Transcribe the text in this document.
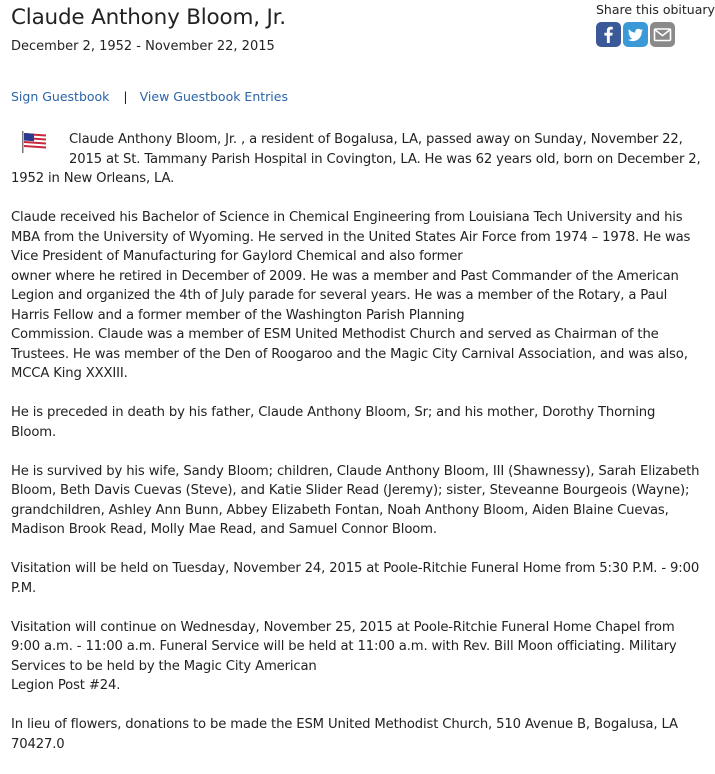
Claude Anthony Bloom, Jr.
December 2, 1952 - November 22, 2015
Share this obituary
Sign Guestbook | View Guestbook Entries
Claude Anthony Bloom, Jr. , a resident of Bogalusa, LA, passed away on Sunday, November 22, 2015 at St. Tammany Parish Hospital in Covington, LA. He was 62 years old, born on December 2, 1952 in New Orleans, LA.
Claude received his Bachelor of Science in Chemical Engineering from Louisiana Tech University and his MBA from the University of Wyoming. He served in the United States Air Force from 1974 – 1978. He was Vice President of Manufacturing for Gaylord Chemical and also former
owner where he retired in December of 2009. He was a member and Past Commander of the American Legion and organized the 4th of July parade for several years. He was a member of the Rotary, a Paul Harris Fellow and a former member of the Washington Parish Planning
Commission. Claude was a member of ESM United Methodist Church and served as Chairman of the Trustees. He was member of the Den of Roogaroo and the Magic City Carnival Association, and was also, MCCA King XXXIII.
He is preceded in death by his father, Claude Anthony Bloom, Sr; and his mother, Dorothy Thorning Bloom.
He is survived by his wife, Sandy Bloom; children, Claude Anthony Bloom, III (Shawnessy), Sarah Elizabeth Bloom, Beth Davis Cuevas (Steve), and Katie Slider Read (Jeremy); sister, Steveanne Bourgeois (Wayne); grandchildren, Ashley Ann Bunn, Abbey Elizabeth Fontan, Noah Anthony Bloom, Aiden Blaine Cuevas, Madison Brook Read, Molly Mae Read, and Samuel Connor Bloom.
Visitation will be held on Tuesday, November 24, 2015 at Poole-Ritchie Funeral Home from 5:30 P.M. - 9:00 P.M.
Visitation will continue on Wednesday, November 25, 2015 at Poole-Ritchie Funeral Home Chapel from 9:00 a.m. - 11:00 a.m. Funeral Service will be held at 11:00 a.m. with Rev. Bill Moon officiating. Military Services to be held by the Magic City American
Legion Post #24.
In lieu of flowers, donations to be made the ESM United Methodist Church, 510 Avenue B, Bogalusa, LA 70427.0
